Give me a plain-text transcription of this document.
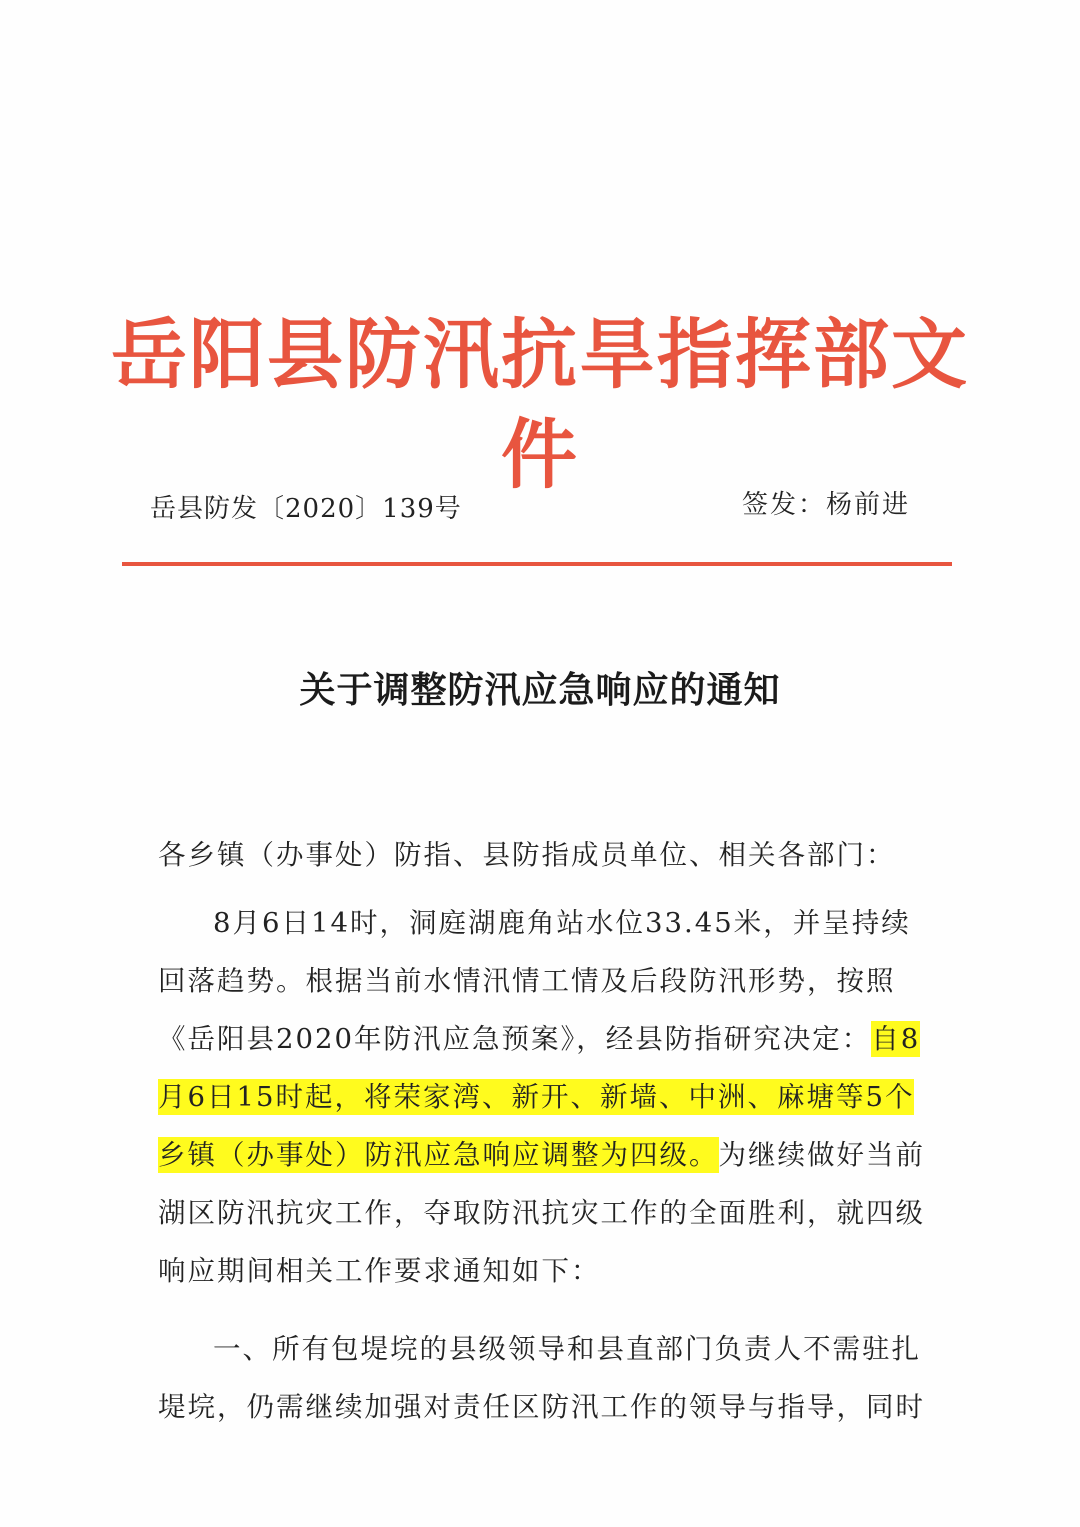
岳阳县防汛抗旱指挥部文件
岳县防发〔2020〕139号	签发：杨前进
关于调整防汛应急响应的通知

各乡镇（办事处）防指、县防指成员单位、相关各部门：

8月6日14时，洞庭湖鹿角站水位33.45米，并呈持续回落趋势。根据当前水情汛情工情及后段防汛形势，按照《岳阳县2020年防汛应急预案》，经县防指研究决定：自8月6日15时起，将荣家湾、新开、新墙、中洲、麻塘等5个乡镇（办事处）防汛应急响应调整为四级。为继续做好当前湖区防汛抗灾工作，夺取防汛抗灾工作的全面胜利，就四级响应期间相关工作要求通知如下：

一、所有包堤垸的县级领导和县直部门负责人不需驻扎堤垸，仍需继续加强对责任区防汛工作的领导与指导，同时
